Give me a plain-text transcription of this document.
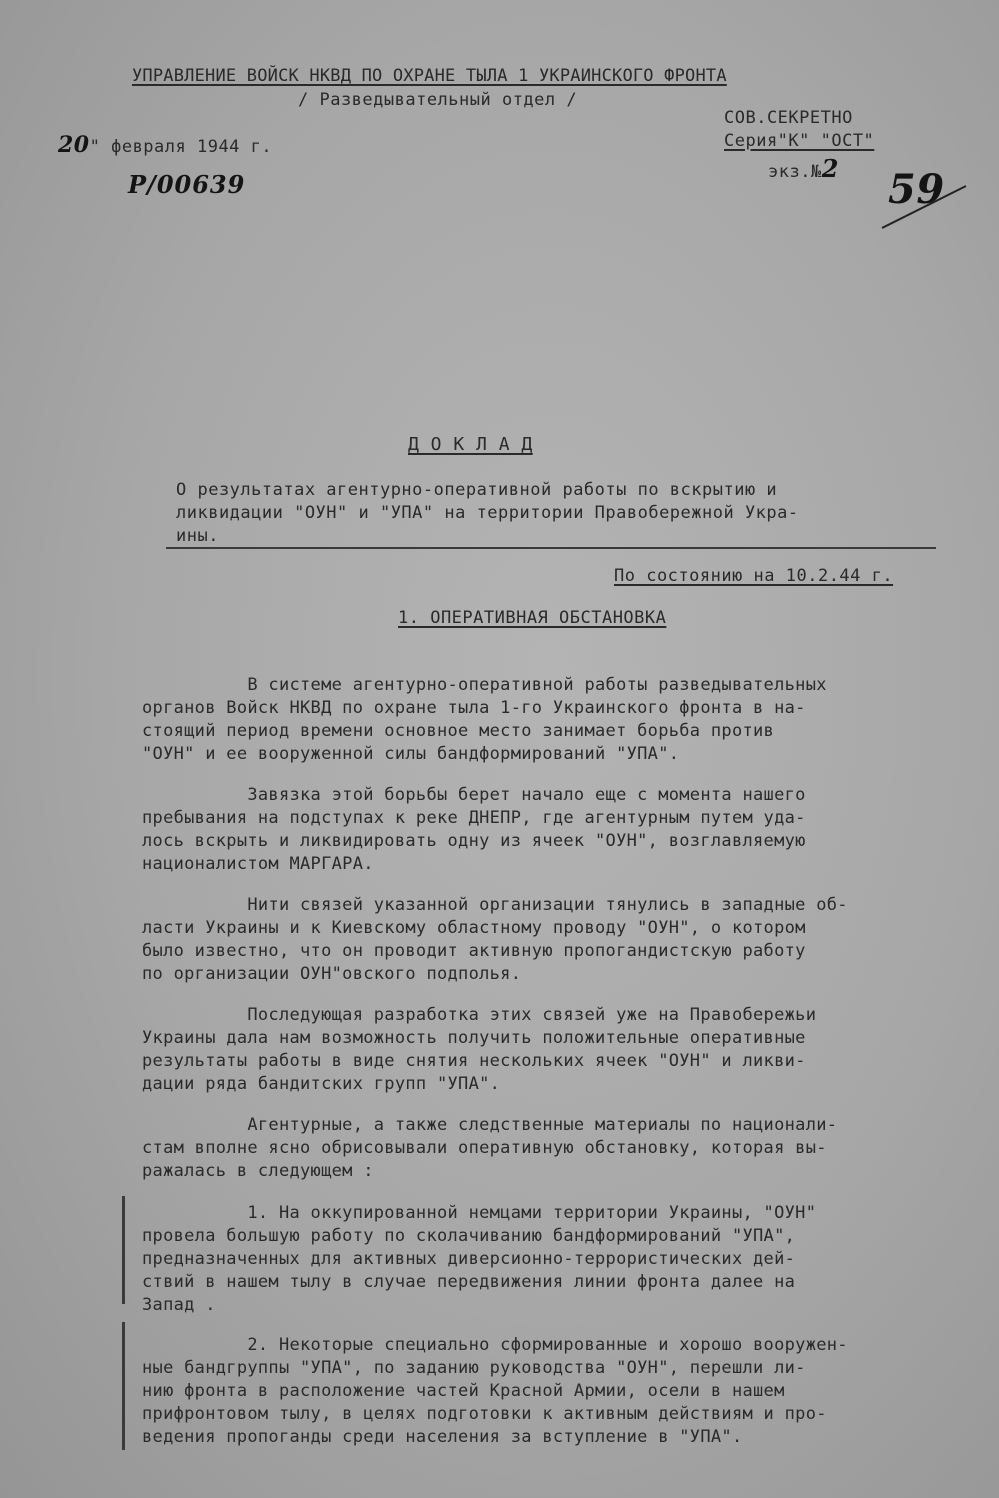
УПРАВЛЕНИЕ ВОЙСК НКВД ПО ОХРАНЕ ТЫЛА 1 УКРАИНСКОГО ФРОНТА
/ Разведывательный отдел /
20" февраля 1944 г.
P/00639
СОВ.СЕКРЕТНО
Серия"К" "ОСТ"
экз.№2 59
Д О К Л А Д
О результатах агентурно-оперативной работы по вскрытию и
ликвидации "ОУН" и "УПА" на территории Правобережной Укра-
ины.
По состоянию на 10.2.44 г.
1. ОПЕРАТИВНАЯ ОБСТАНОВКА
В системе агентурно-оперативной работы разведывательных
органов Войск НКВД по охране тыла 1-го Украинского фронта в на-
стоящий период времени основное место занимает борьба против
"ОУН" и ее вооруженной силы бандформирований "УПА".
Завязка этой борьбы берет начало еще с момента нашего
пребывания на подступах к реке ДНЕПР, где агентурным путем уда-
лось вскрыть и ликвидировать одну из ячеек "ОУН", возглавляемую
националистом МАРГАРА.
Нити связей указанной организации тянулись в западные об-
ласти Украины и к Киевскому областному проводу "ОУН", о котором
было известно, что он проводит активную пропогандистскую работу
по организации ОУН"овского подполья.
Последующая разработка этих связей уже на Правобережьи
Украины дала нам возможность получить положительные оперативные
результаты работы в виде снятия нескольких ячеек "ОУН" и ликви-
дации ряда бандитских групп "УПА".
Агентурные, а также следственные материалы по национали-
стам вполне ясно обрисовывали оперативную обстановку, которая вы-
ражалась в следующем :
1. На оккупированной немцами территории Украины, "ОУН"
провела большую работу по сколачиванию бандформирований "УПА",
предназначенных для активных диверсионно-террористических дей-
ствий в нашем тылу в случае передвижения линии фронта далее на
Запад .
2. Некоторые специально сформированные и хорошо вооружен-
ные бандгруппы "УПА", по заданию руководства "ОУН", перешли ли-
нию фронта в расположение частей Красной Армии, осели в нашем
прифронтовом тылу, в целях подготовки к активным действиям и про-
ведения пропоганды среди населения за вступление в "УПА".
